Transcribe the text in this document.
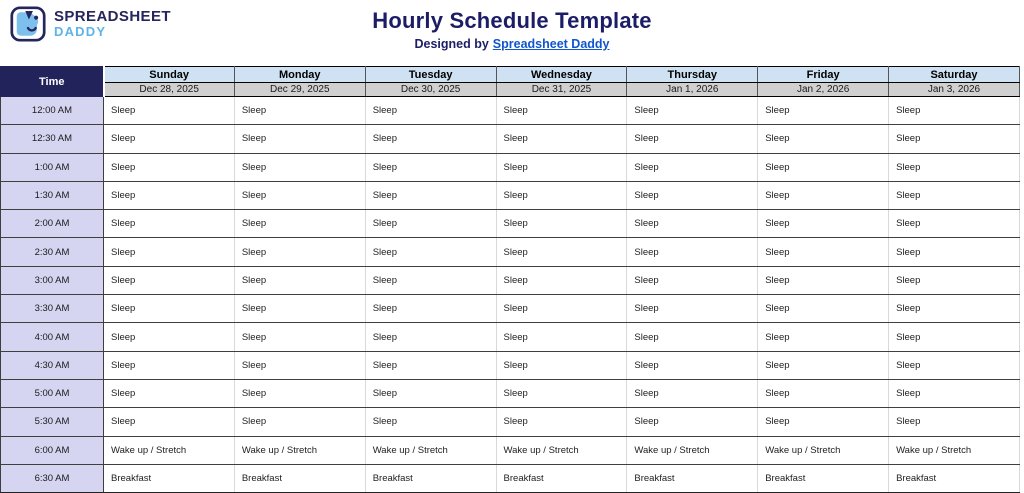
SPREADSHEET
DADDY	Hourly Schedule Template
Designed by Spreadsheet Daddy
Time	Sunday	Monday	Tuesday	Wednesday	Thursday	Friday	Saturday
	Dec 28, 2025	Dec 29, 2025	Dec 30, 2025	Dec 31, 2025	Jan 1, 2026	Jan 2, 2026	Jan 3, 2026
12:00 AM	Sleep	Sleep	Sleep	Sleep	Sleep	Sleep	Sleep
12:30 AM	Sleep	Sleep	Sleep	Sleep	Sleep	Sleep	Sleep
1:00 AM	Sleep	Sleep	Sleep	Sleep	Sleep	Sleep	Sleep
1:30 AM	Sleep	Sleep	Sleep	Sleep	Sleep	Sleep	Sleep
2:00 AM	Sleep	Sleep	Sleep	Sleep	Sleep	Sleep	Sleep
2:30 AM	Sleep	Sleep	Sleep	Sleep	Sleep	Sleep	Sleep
3:00 AM	Sleep	Sleep	Sleep	Sleep	Sleep	Sleep	Sleep
3:30 AM	Sleep	Sleep	Sleep	Sleep	Sleep	Sleep	Sleep
4:00 AM	Sleep	Sleep	Sleep	Sleep	Sleep	Sleep	Sleep
4:30 AM	Sleep	Sleep	Sleep	Sleep	Sleep	Sleep	Sleep
5:00 AM	Sleep	Sleep	Sleep	Sleep	Sleep	Sleep	Sleep
5:30 AM	Sleep	Sleep	Sleep	Sleep	Sleep	Sleep	Sleep
6:00 AM	Wake up / Stretch	Wake up / Stretch	Wake up / Stretch	Wake up / Stretch	Wake up / Stretch	Wake up / Stretch	Wake up / Stretch
6:30 AM	Breakfast	Breakfast	Breakfast	Breakfast	Breakfast	Breakfast	Breakfast
